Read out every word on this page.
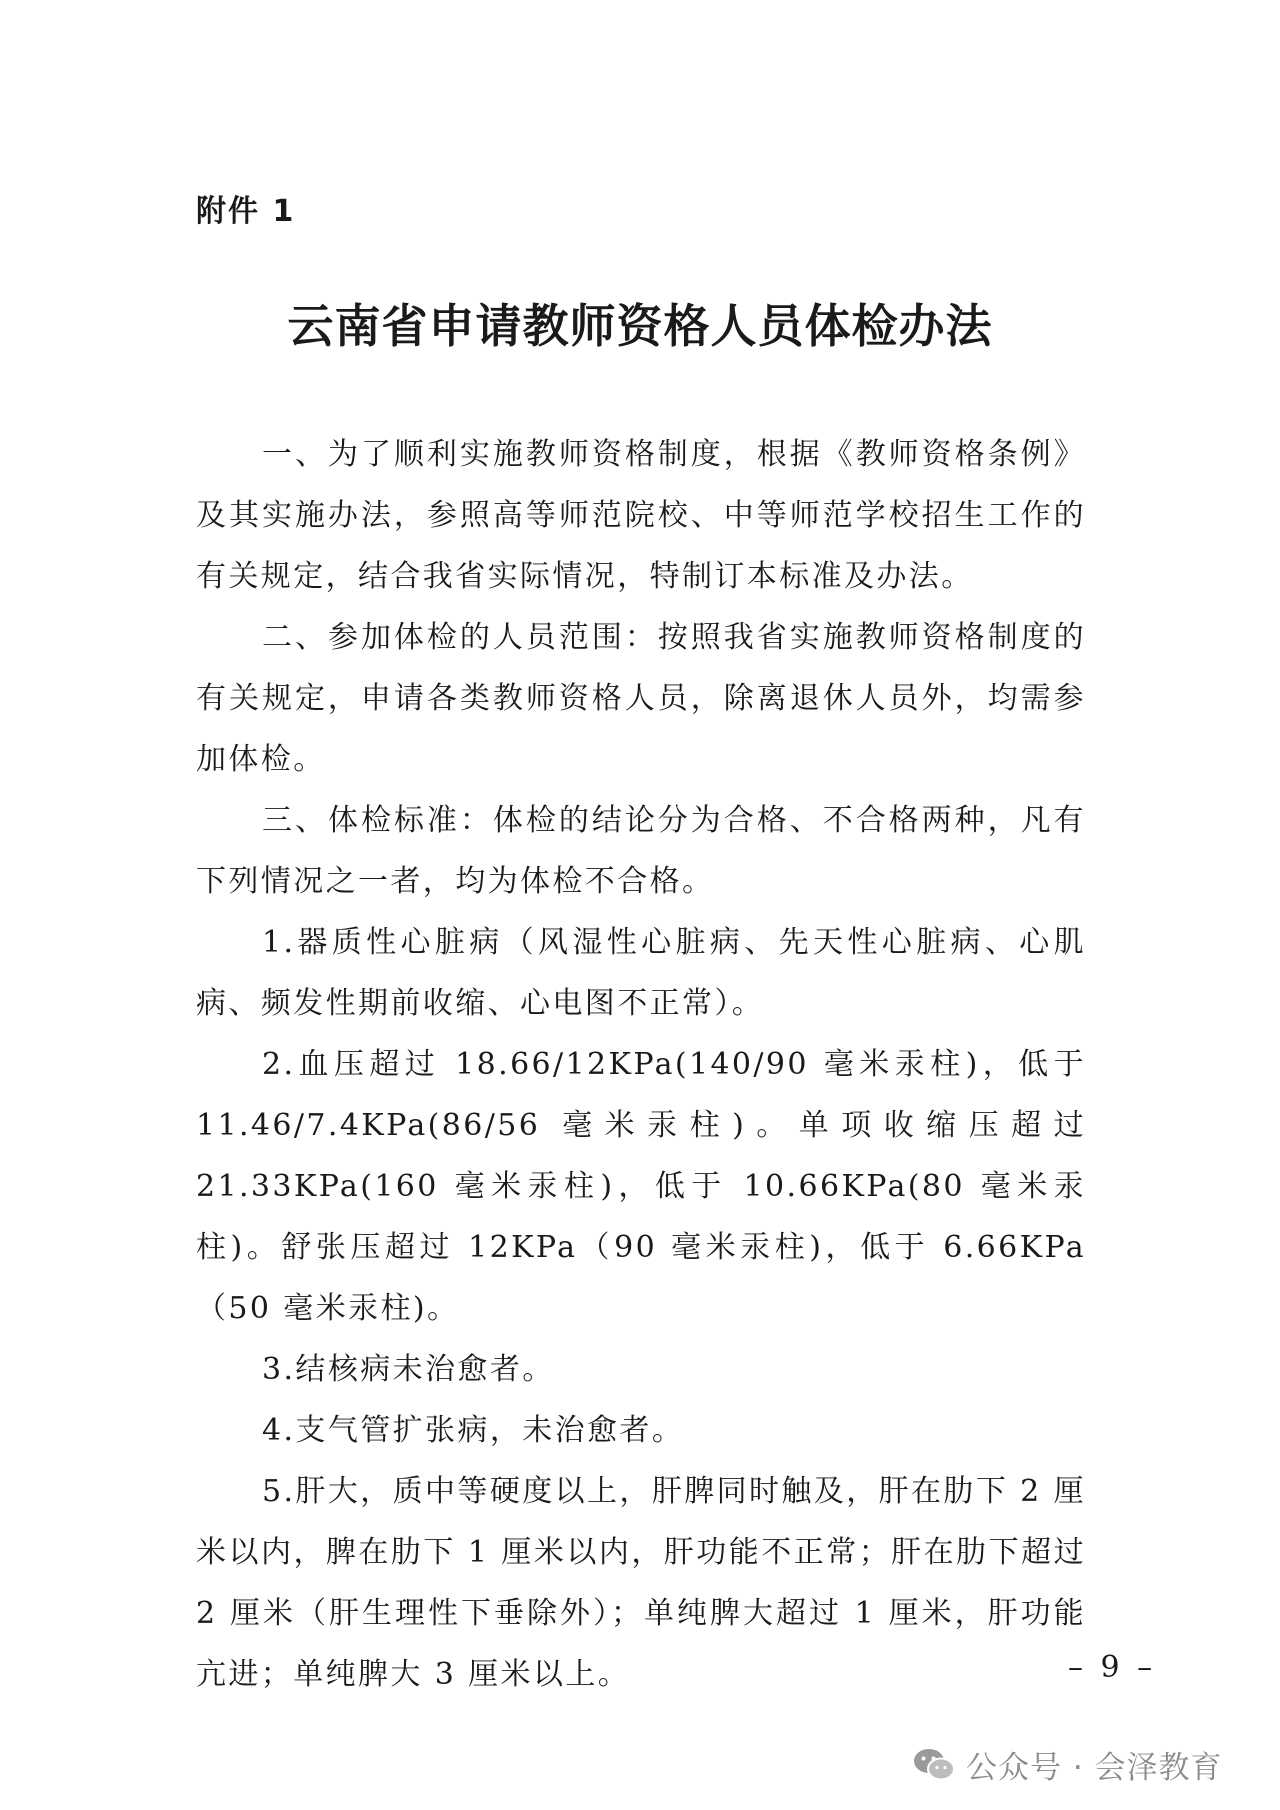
附件 1
云南省申请教师资格人员体检办法

一、为了顺利实施教师资格制度，根据《教师资格条例》及其实施办法，参照高等师范院校、中等师范学校招生工作的有关规定，结合我省实际情况，特制订本标准及办法。

二、参加体检的人员范围：按照我省实施教师资格制度的有关规定，申请各类教师资格人员，除离退休人员外，均需参加体检。

三、体检标准：体检的结论分为合格、不合格两种，凡有下列情况之一者，均为体检不合格。

1.器质性心脏病（风湿性心脏病、先天性心脏病、心肌病、频发性期前收缩、心电图不正常）。

2.血压超过 18.66/12KPa(140/90 毫米汞柱)，低于 11.46/7.4KPa(86/56 毫米汞柱)。单项收缩压超过 21.33KPa(160 毫米汞柱)，低于 10.66KPa(80 毫米汞柱)。舒张压超过 12KPa（90 毫米汞柱)，低于 6.66KPa（50 毫米汞柱)。

3.结核病未治愈者。

4.支气管扩张病，未治愈者。

5.肝大，质中等硬度以上，肝脾同时触及，肝在肋下 2 厘米以内，脾在肋下 1 厘米以内，肝功能不正常；肝在肋下超过 2 厘米（肝生理性下垂除外）；单纯脾大超过 1 厘米，肝功能亢进；单纯脾大 3 厘米以上。	– 9 –
公众号 · 会泽教育
